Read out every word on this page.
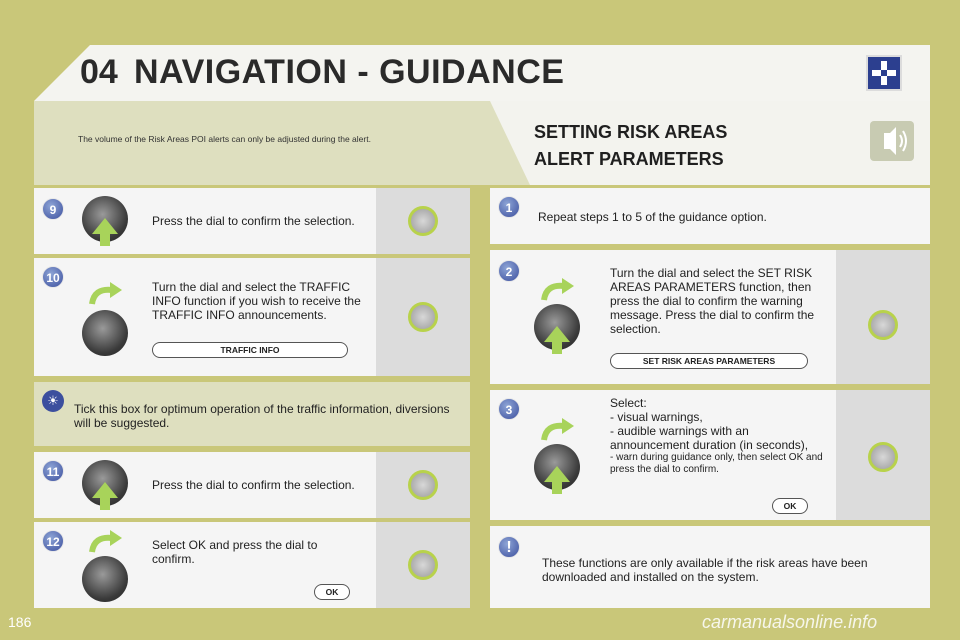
04 NAVIGATION - GUIDANCE
The volume of the Risk Areas POI alerts can only be adjusted during the alert.	SETTING RISK AREAS
ALERT PARAMETERS
9
Press the dial to confirm the selection.
10
Turn the dial and select the TRAFFIC INFO function if you wish to receive the TRAFFIC INFO announcements.
TRAFFIC INFO
☀
Tick this box for optimum operation of the traffic information, diversions will be suggested.
11
Press the dial to confirm the selection.
12	Select OK and press the dial to confirm.
OK
1
Repeat steps 1 to 5 of the guidance option.
2	Turn the dial and select the SET RISK AREAS PARAMETERS function, then press the dial to confirm the warning message. Press the dial to confirm the selection.
SET RISK AREAS PARAMETERS
3	Select:
- visual warnings,
- audible warnings with an announcement duration (in seconds),
- warn during guidance only, then select OK and press the dial to confirm.
OK
!
These functions are only available if the risk areas have been downloaded and installed on the system.
186	carmanualsonline.info
